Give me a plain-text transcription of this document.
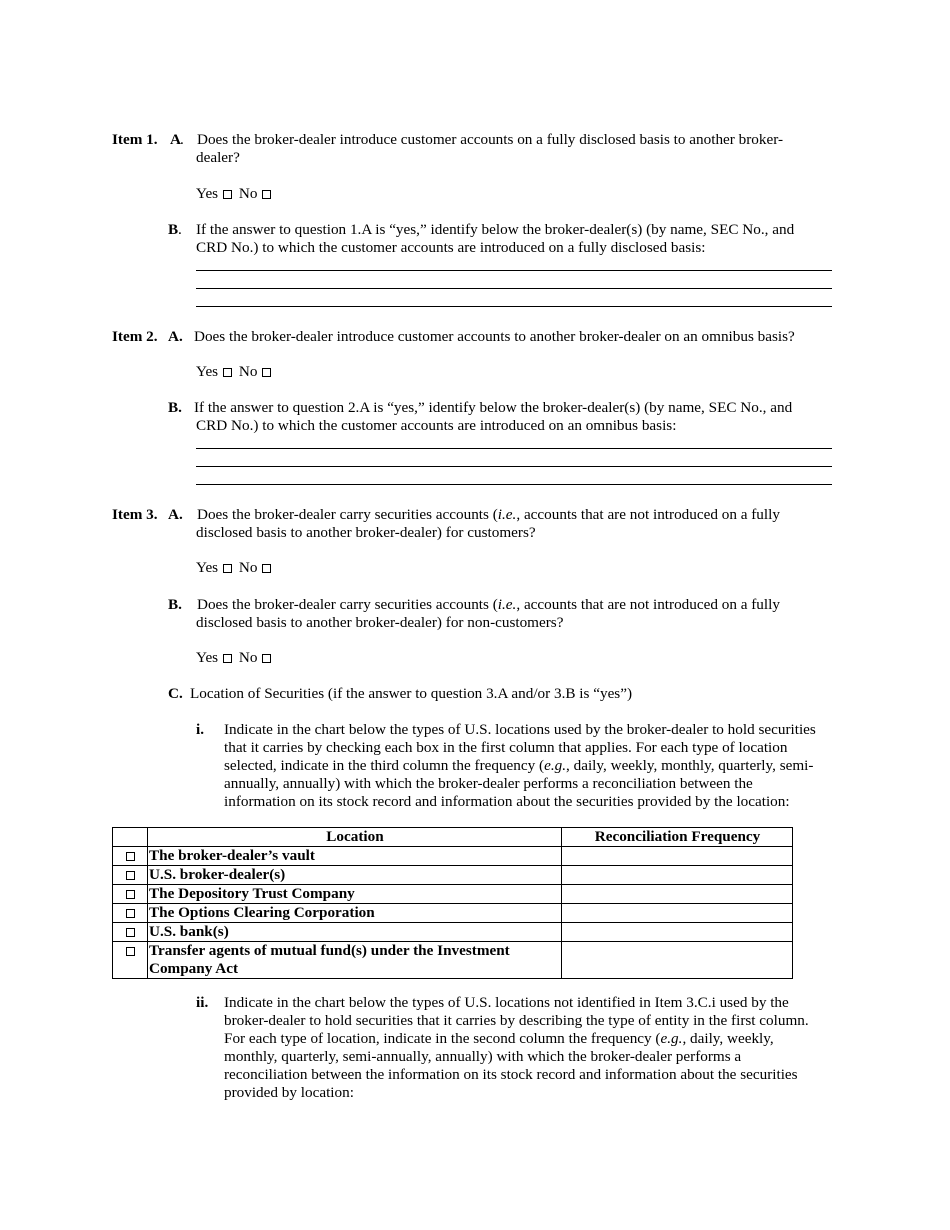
Item 1. A . Does the broker-dealer introduce customer accounts on a fully disclosed basis to another broker-
dealer?
Yes No
B . If the answer to question 1.A is “yes,” identify below the broker-dealer(s) (by name, SEC No., and
CRD No.) to which the customer accounts are introduced on a fully disclosed basis:
Item 2. A. Does the broker-dealer introduce customer accounts to another broker-dealer on an omnibus basis?
Yes No
B. If the answer to question 2.A is “yes,” identify below the broker-dealer(s) (by name, SEC No., and
CRD No.) to which the customer accounts are introduced on an omnibus basis:
Item 3. A. Does the broker-dealer carry securities accounts (i.e., accounts that are not introduced on a fully
disclosed basis to another broker-dealer) for customers?
Yes No
B. Does the broker-dealer carry securities accounts (i.e., accounts that are not introduced on a fully
disclosed basis to another broker-dealer) for non-customers?
Yes No
C. Location of Securities (if the answer to question 3.A and/or 3.B is “yes”)
i. Indicate in the chart below the types of U.S. locations used by the broker-dealer to hold securities
that it carries by checking each box in the first column that applies. For each type of location
selected, indicate in the third column the frequency (e.g., daily, weekly, monthly, quarterly, semi-
annually, annually) with which the broker-dealer performs a reconciliation between the
information on its stock record and information about the securities provided by the location:
	Location	Reconciliation Frequency
	The broker-dealer’s vault	
	U.S. broker-dealer(s)	
	The Depository Trust Company	
	The Options Clearing Corporation	
	U.S. bank(s)	
	Transfer agents of mutual fund(s) under the Investment Company Act	
ii. Indicate in the chart below the types of U.S. locations not identified in Item 3.C.i used by the
broker-dealer to hold securities that it carries by describing the type of entity in the first column.
For each type of location, indicate in the second column the frequency (e.g., daily, weekly,
monthly, quarterly, semi-annually, annually) with which the broker-dealer performs a
reconciliation between the information on its stock record and information about the securities
provided by location:
